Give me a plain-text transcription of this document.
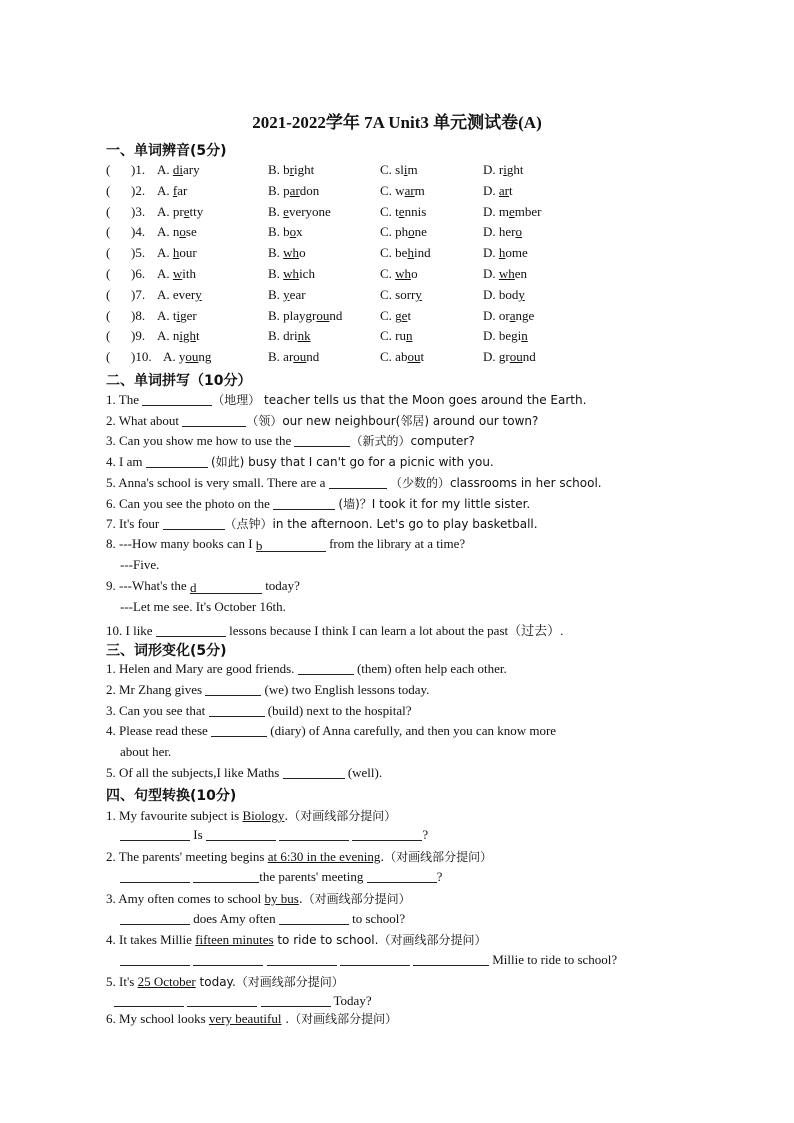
2021-2022学年 7A Unit3 单元测试卷(A)
一、单词辨音(5分)
( )1. A. diary	B. bright	C. slim	D. right
( )2. A. far	B. pardon	C. warm	D. art
( )3. A. pretty	B. everyone	C. tennis	D. member
( )4. A. nose	B. box	C. phone	D. hero
( )5. A. hour	B. who	C. behind	D. home
( )6. A. with	B. which	C. who	D. when
( )7. A. every	B. year	C. sorry	D. body
( )8. A. tiger	B. playground	C. get	D. orange
( )9. A. night	B. drink	C. run	D. begin
( )10. A. young	B. around	C. about	D. ground
二、单词拼写（10分）
1. The	（地理） teacher tells us that the Moon goes around the Earth.
2. What about	（领）our new neighbour(邻居) around our town?
3. Can you show me how to use the	（新式的）computer?
4. I am	(如此) busy that I can't go for a picnic with you.
5. Anna's school is very small. There are a	（少数的）classrooms in her school.
6. Can you see the photo on the	(墙)？I took it for my little sister.
7. It's four	（点钟）in the afternoon. Let's go to play basketball.
8. ---How many books can I b	from the library at a time?
---Five.
9. ---What's the d	today?
---Let me see. It's October 16th.
10. I like	lessons because I think I can learn a lot about the past（过去）.
三、词形变化(5分)
1. Helen and Mary are good friends.	(them) often help each other.
2. Mr Zhang gives	(we) two English lessons today.
3. Can you see that	(build) next to the hospital?
4. Please read these	(diary) of Anna carefully, and then you can know more
about her.
5. Of all the subjects,I like Maths	(well).
四、句型转换(10分)
1. My favourite subject is Biology.（对画线部分提问）
Is	?
2. The parents' meeting begins at 6:30 in the evening.（对画线部分提问）
the parents' meeting	?
3. Amy often comes to school by bus.（对画线部分提问）
does Amy often	to school?
4. It takes Millie fifteen minutes to ride to school.（对画线部分提问）
Millie to ride to school?
5. It's 25 October today.（对画线部分提问）
Today?
6. My school looks very beautiful .（对画线部分提问）
